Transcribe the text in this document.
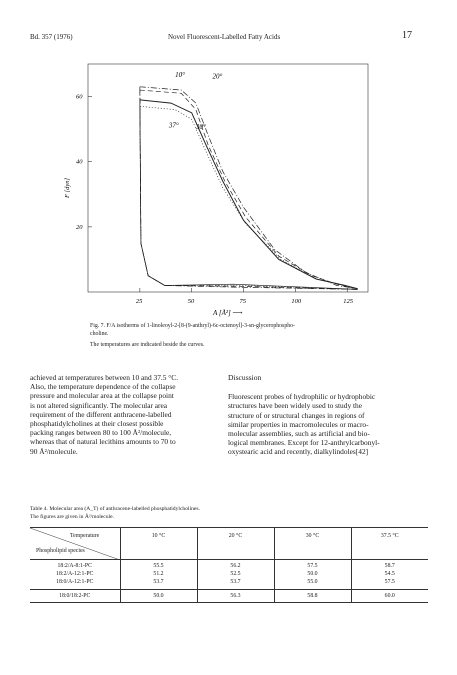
Bd. 357 (1976)	Novel Fluorescent-Labelled Fatty Acids	17
25	50	75	100	125
20
40
60
10°	20°
37° 30°
F [dyn]
A [Å²] ⟶
Fig. 7. F/A isotherms of 1-linoleoyl-2-[8-(9-anthryl)-6c-octenoyl]-3-sn-glycerophospho-
choline.
The temperatures are indicated beside the curves.

achieved at temperatures between 10 and 37.5 °C.

Also, the temperature dependence of the collapse

pressure and molecular area at the collapse point

is not altered significantly. The molecular area

requirement of the different anthracene-labelled

phosphatidylcholines at their closest possible

packing ranges between 80 to 100 Å²/molecule,

whereas that of natural lecithins amounts to 70 to

90 Å²/molecule.

Discussion

Fluorescent probes of hydrophilic or hydrophobic

structures have been widely used to study the

structure of or structural changes in regions of

similar properties in macromolecules or macro-

molecular assemblies, such as artificial and bio-

logical membranes. Except for 12-anthrylcarbonyl-

oxystearic acid and recently, dialkylindoles[42]

Table 4. Molecular area (A_T) of anthracene-labelled phosphatidylcholines.
The figures are given in Å²/molecule.
Temperature
Phospholipid species	10 °C	20 °C	30 °C	37.5 °C
18:2/A-8:1-PC	55.5	56.2	57.5	58.7
18:2/A-12:1-PC	51.2	52.5	50.0	54.5
18:0/A-12:1-PC	53.7	53.7	55.0	57.5
18:0/18:2-PC	50.0	56.3	58.8	60.0
